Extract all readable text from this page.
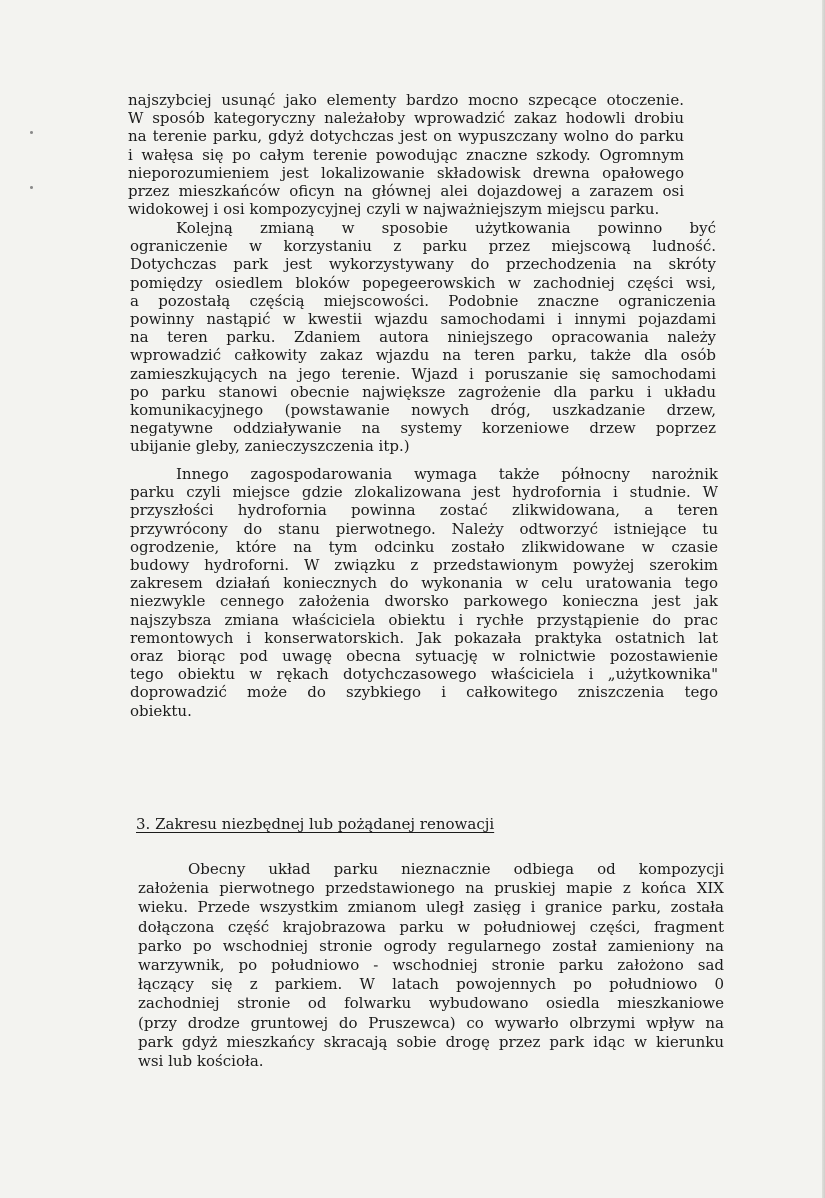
najszybciej usunąć jako elementy bardzo mocno szpecące otoczenie.
W sposób kategoryczny należałoby wprowadzić zakaz hodowli drobiu
na terenie parku, gdyż dotychczas jest on wypuszczany wolno do parku
i wałęsa się po całym terenie powodując znaczne szkody. Ogromnym
nieporozumieniem jest lokalizowanie składowisk drewna opałowego
przez mieszkańców oficyn na głównej alei dojazdowej a zarazem osi
widokowej i osi kompozycyjnej czyli w najważniejszym miejscu parku.
Kolejną zmianą w sposobie użytkowania powinno być
ograniczenie w korzystaniu z parku przez miejscową ludność.
Dotychczas park jest wykorzystywany do przechodzenia na skróty
pomiędzy osiedlem bloków popegeerowskich w zachodniej części wsi,
a pozostałą częścią miejscowości. Podobnie znaczne ograniczenia
powinny nastąpić w kwestii wjazdu samochodami i innymi pojazdami
na teren parku. Zdaniem autora niniejszego opracowania należy
wprowadzić całkowity zakaz wjazdu na teren parku, także dla osób
zamieszkujących na jego terenie. Wjazd i poruszanie się samochodami
po parku stanowi obecnie największe zagrożenie dla parku i układu
komunikacyjnego (powstawanie nowych dróg, uszkadzanie drzew,
negatywne oddziaływanie na systemy korzeniowe drzew poprzez
ubijanie gleby, zanieczyszczenia itp.)
Innego zagospodarowania wymaga także północny narożnik
parku czyli miejsce gdzie zlokalizowana jest hydrofornia i studnie. W
przyszłości hydrofornia powinna zostać zlikwidowana, a teren
przywrócony do stanu pierwotnego. Należy odtworzyć istniejące tu
ogrodzenie, które na tym odcinku zostało zlikwidowane w czasie
budowy hydroforni. W związku z przedstawionym powyżej szerokim
zakresem działań koniecznych do wykonania w celu uratowania tego
niezwykle cennego założenia dworsko parkowego konieczna jest jak
najszybsza zmiana właściciela obiektu i rychłe przystąpienie do prac
remontowych i konserwatorskich. Jak pokazała praktyka ostatnich lat
oraz biorąc pod uwagę obecna sytuację w rolnictwie pozostawienie
tego obiektu w rękach dotychczasowego właściciela i „użytkownika"
doprowadzić może do szybkiego i całkowitego zniszczenia tego
obiektu.
3. Zakresu niezbędnej lub pożądanej renowacji
Obecny układ parku nieznacznie odbiega od kompozycji
założenia pierwotnego przedstawionego na pruskiej mapie z końca XIX
wieku. Przede wszystkim zmianom uległ zasięg i granice parku, została
dołączona część krajobrazowa parku w południowej części, fragment
parko po wschodniej stronie ogrody regularnego został zamieniony na
warzywnik, po południowo - wschodniej stronie parku założono sad
łączący się z parkiem. W latach powojennych po południowo 0
zachodniej stronie od folwarku wybudowano osiedla mieszkaniowe
(przy drodze gruntowej do Pruszewca) co wywarło olbrzymi wpływ na
park gdyż mieszkańcy skracają sobie drogę przez park idąc w kierunku
wsi lub kościoła.
